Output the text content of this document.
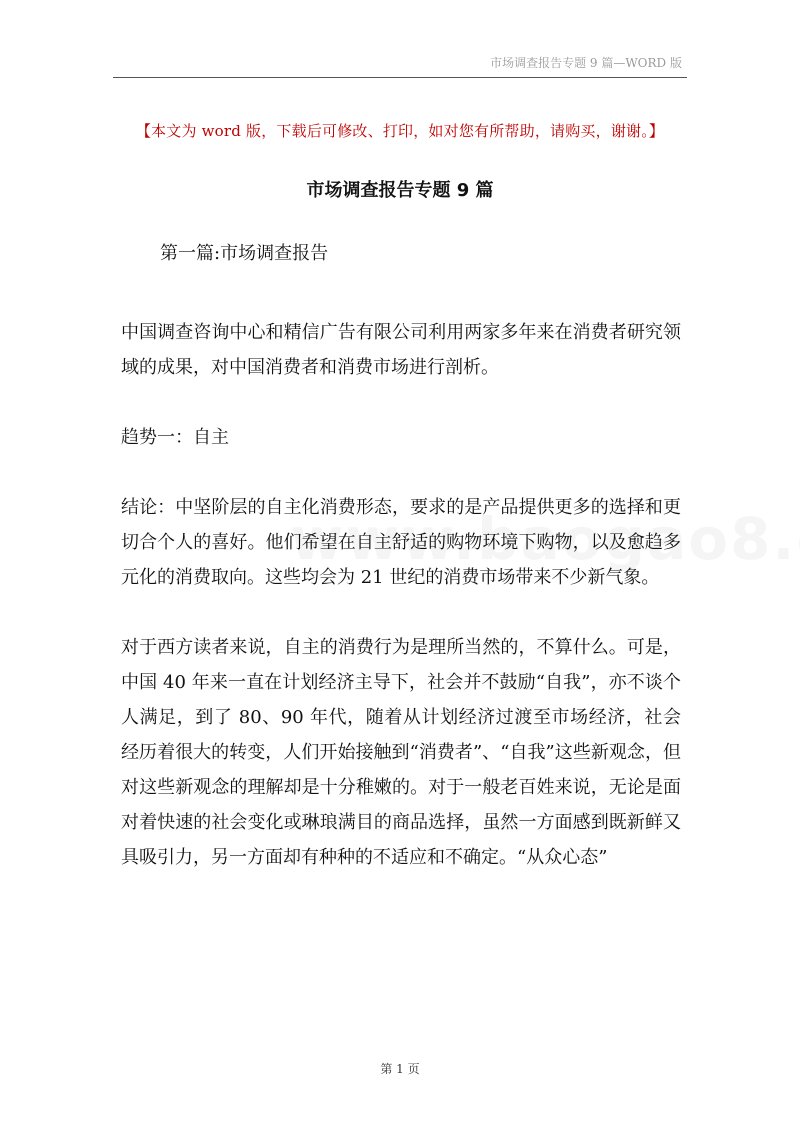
市场调查报告专题 9 篇—WORD 版
【本文为 word 版，下载后可修改、打印，如对您有所帮助，请购买，谢谢。】
市场调查报告专题 9 篇
第一篇:市场调查报告

中国调查咨询中心和精信广告有限公司利用两家多年来在消费者研究领域的成果，对中国消费者和消费市场进行剖析。

趋势一：自主

结论：中坚阶层的自主化消费形态，要求的是产品提供更多的选择和更切合个人的喜好。他们希望在自主舒适的购物环境下购物，以及愈趋多元化的消费取向。这些均会为 21 世纪的消费市场带来不少新气象。

对于西方读者来说，自主的消费行为是理所当然的，不算什么。可是，中国 40 年来一直在计划经济主导下，社会并不鼓励“自我”，亦不谈个人满足，到了 80、90 年代，随着从计划经济过渡至市场经济，社会经历着很大的转变，人们开始接触到“消费者”、“自我”这些新观念，但对这些新观念的理解却是十分稚嫩的。对于一般老百姓来说，无论是面对着快速的社会变化或琳琅满目的商品选择，虽然一方面感到既新鲜又具吸引力，另一方面却有种种的不适应和不确定。“从众心态”

第 1 页
